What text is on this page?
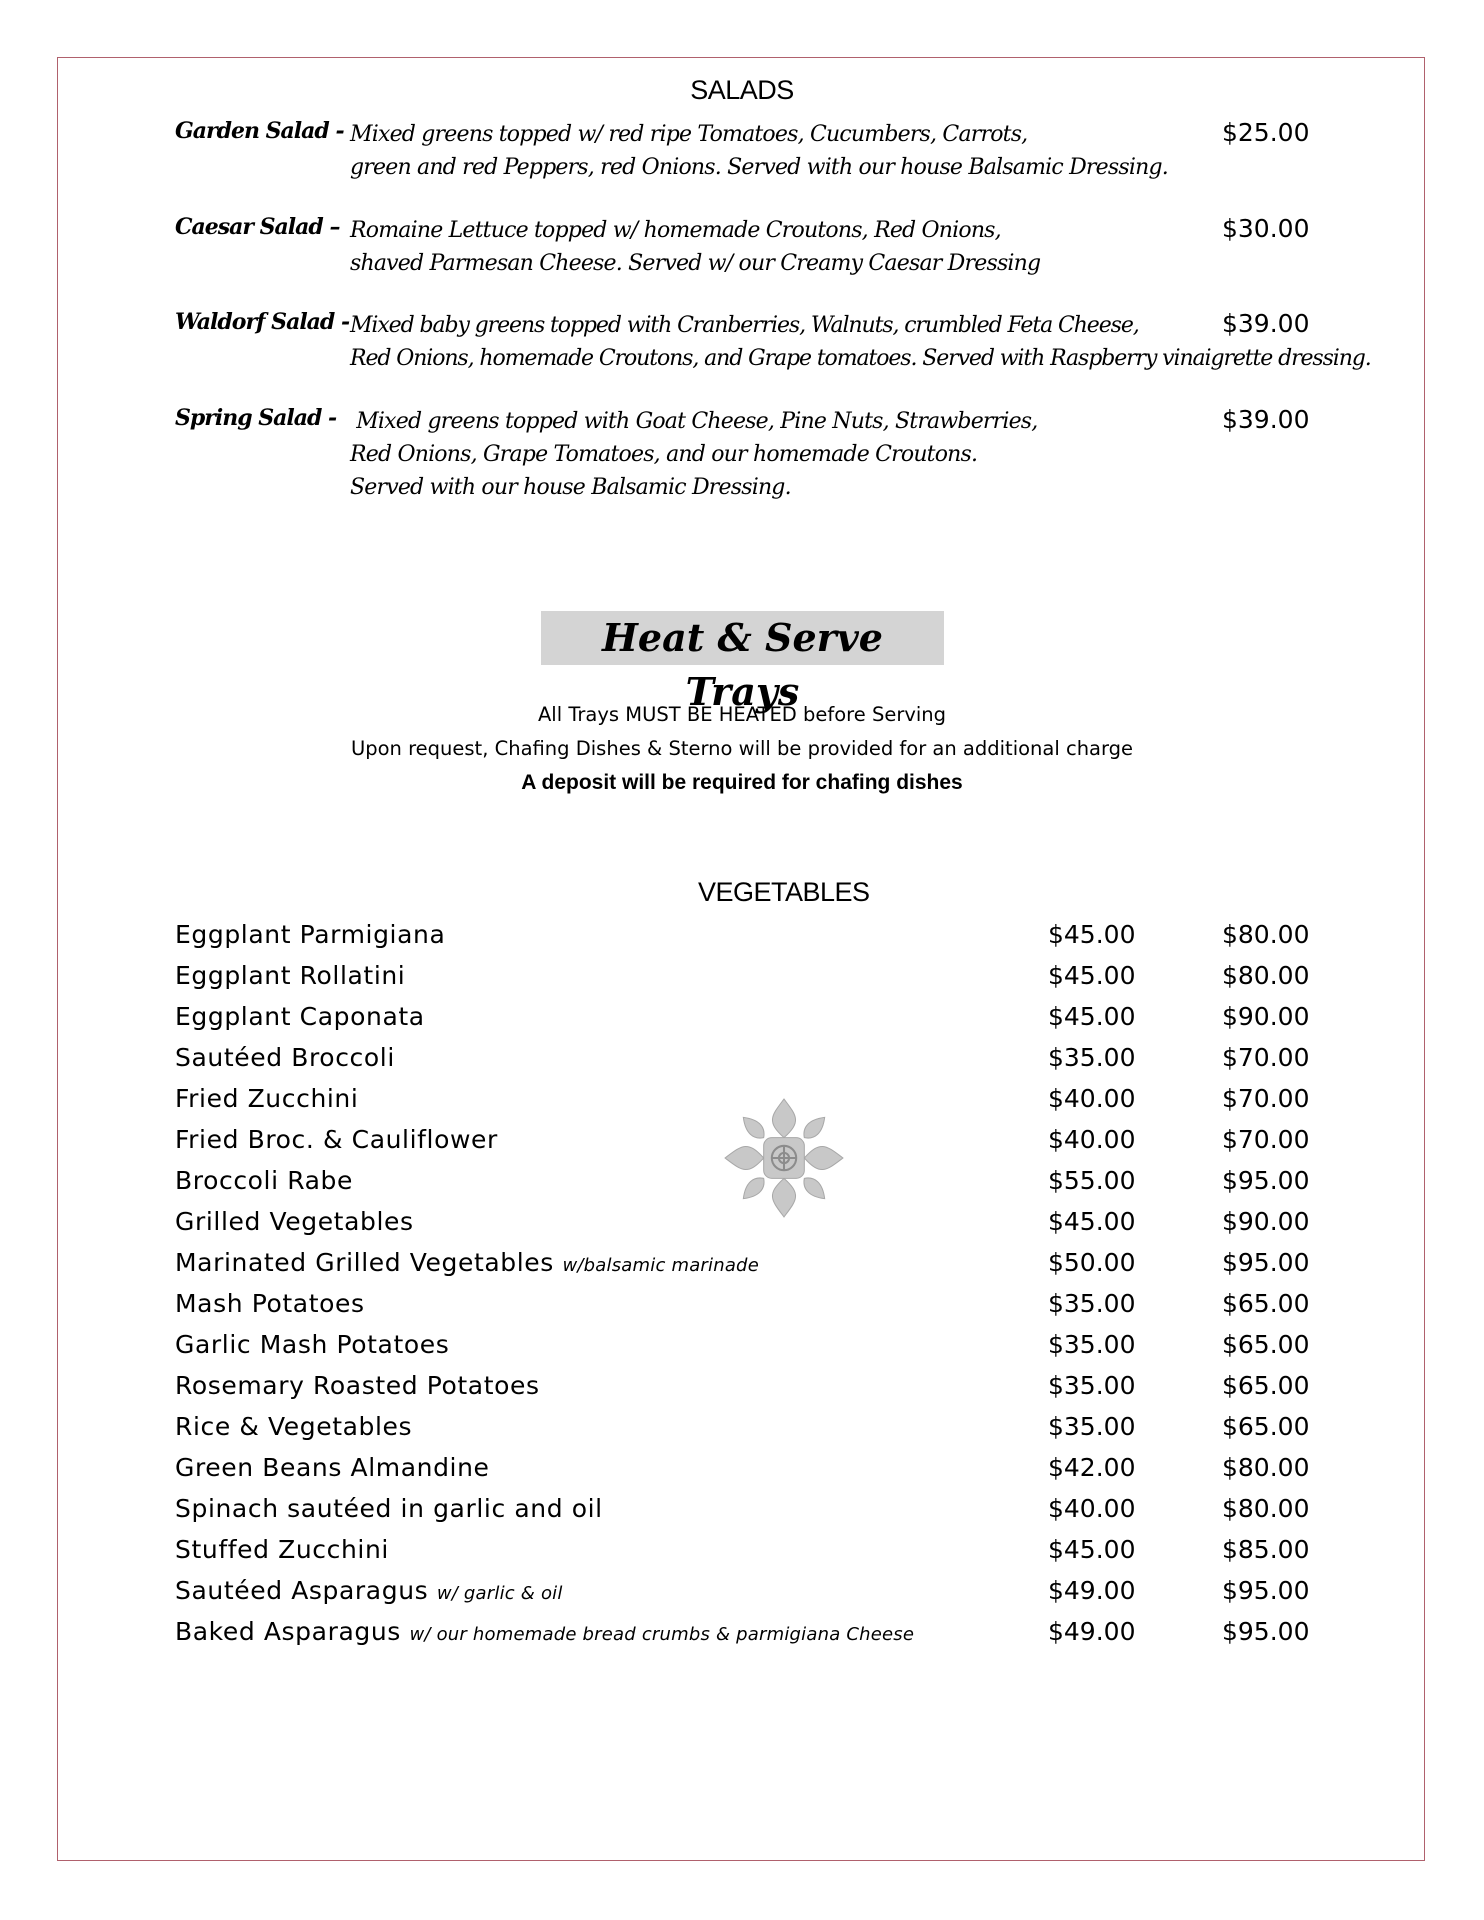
SALADS
Garden Salad - Mixed greens topped w/ red ripe Tomatoes, Cucumbers, Carrots,
green and red Peppers, red Onions. Served with our house Balsamic Dressing.
$25.00
Caesar Salad – Romaine Lettuce topped w/ homemade Croutons, Red Onions,
shaved Parmesan Cheese. Served w/ our Creamy Caesar Dressing
$30.00
Waldorf Salad - Mixed baby greens topped with Cranberries, Walnuts, crumbled Feta Cheese,
Red Onions, homemade Croutons, and Grape tomatoes. Served with Raspberry vinaigrette dressing.
$39.00
Spring Salad - Mixed greens topped with Goat Cheese, Pine Nuts, Strawberries,
Red Onions, Grape Tomatoes, and our homemade Croutons.
Served with our house Balsamic Dressing.
$39.00
Heat & Serve Trays
All Trays MUST BE HEATED before Serving
Upon request, Chafing Dishes & Sterno will be provided for an additional charge
A deposit will be required for chafing dishes
VEGETABLES
Eggplant Parmigiana	$45.00	$80.00
Eggplant Rollatini	$45.00	$80.00
Eggplant Caponata	$45.00	$90.00
Sautéed Broccoli	$35.00	$70.00
Fried Zucchini	$40.00	$70.00
Fried Broc. & Cauliflower	$40.00	$70.00
Broccoli Rabe	$55.00	$95.00
Grilled Vegetables	$45.00	$90.00
Marinated Grilled Vegetables w/balsamic marinade	$50.00	$95.00
Mash Potatoes	$35.00	$65.00
Garlic Mash Potatoes	$35.00	$65.00
Rosemary Roasted Potatoes	$35.00	$65.00
Rice & Vegetables	$35.00	$65.00
Green Beans Almandine	$42.00	$80.00
Spinach sautéed in garlic and oil	$40.00	$80.00
Stuffed Zucchini	$45.00	$85.00
Sautéed Asparagus w/ garlic & oil	$49.00	$95.00
Baked Asparagus w/ our homemade bread crumbs & parmigiana Cheese	$49.00	$95.00
